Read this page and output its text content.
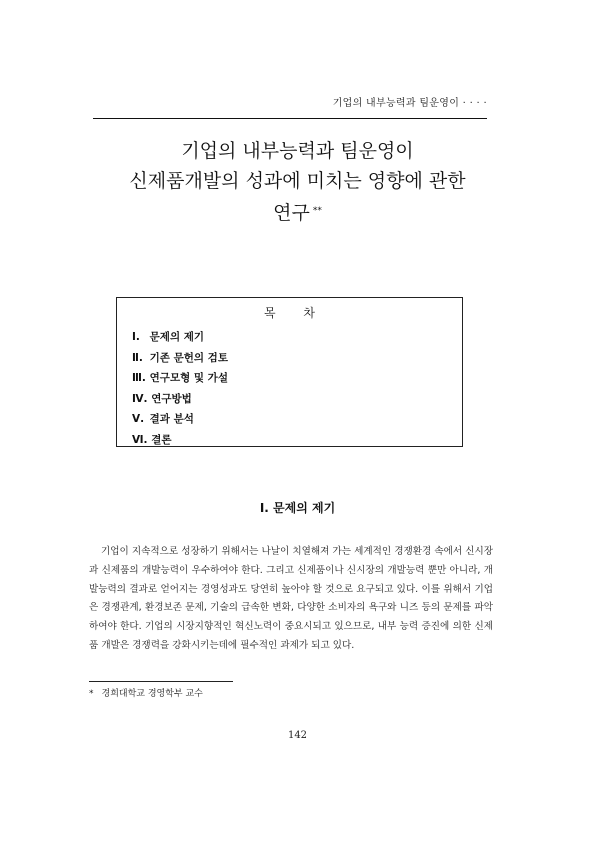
기업의 내부능력과 팀운영이 · · · ·
기업의 내부능력과 팀운영이
신제품개발의 성과에 미치는 영향에 관한
연구 **
목 차
Ⅰ. 문제의 제기
Ⅱ. 기존 문헌의 검토
Ⅲ. 연구모형 및 가설
Ⅳ. 연구방법
Ⅴ. 결과 분석
Ⅵ. 결론
Ⅰ. 문제의 제기

기업이 지속적으로 성장하기 위해서는 나날이 치열해져 가는 세계적인 경쟁환경 속에서 신시장과 신제품의 개발능력이 우수하여야 한다. 그리고 신제품이나 신시장의 개발능력 뿐만 아니라, 개발능력의 결과로 얻어지는 경영성과도 당연히 높아야 할 것으로 요구되고 있다. 이를 위해서 기업은 경쟁관계, 환경보존 문제, 기술의 급속한 변화, 다양한 소비자의 욕구와 니즈 등의 문제를 파악하여야 한다. 기업의 시장지향적인 혁신노력이 중요시되고 있으므로, 내부 능력 증진에 의한 신제품 개발은 경쟁력을 강화시키는데에 필수적인 과제가 되고 있다.

* 경희대학교 경영학부 교수
142
